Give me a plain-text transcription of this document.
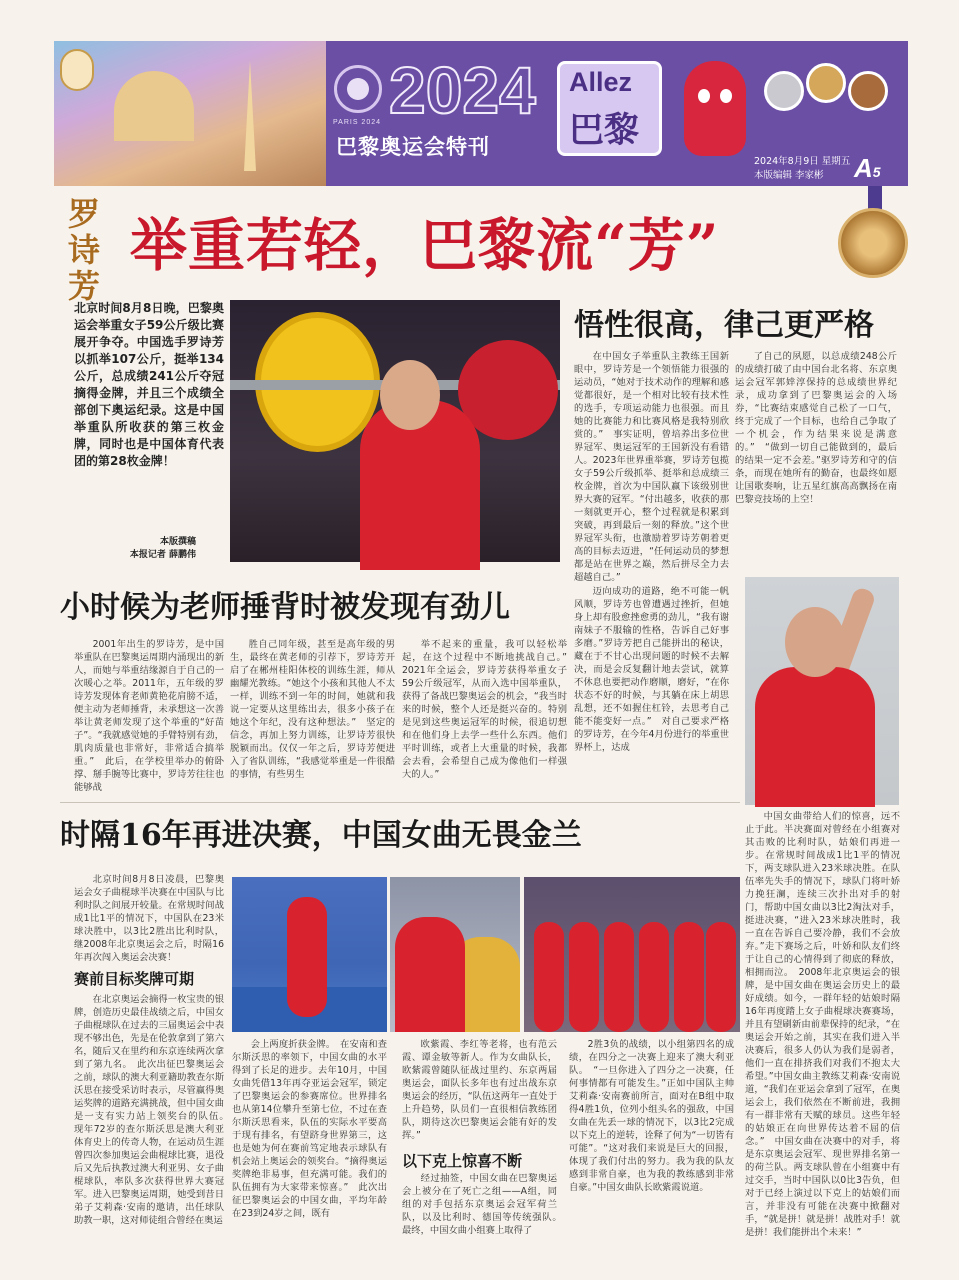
PARIS 2024 2024
巴黎奥运会特刊
Allez
巴黎
2024年8月9日 星期五
本版编辑 李家彬 A5
罗诗芳
举重若轻，巴黎流“芳”
北京时间8月8日晚，巴黎奥运会举重女子59公斤级比赛展开争夺。中国选手罗诗芳以抓举107公斤，挺举134公斤，总成绩241公斤夺冠摘得金牌，并且三个成绩全部创下奥运纪录。这是中国举重队所收获的第三枚金牌，同时也是中国体育代表团的第28枚金牌！
本版撰稿
本报记者 薛鹏伟
悟性很高，律己更严格

在中国女子举重队主教练王国新眼中，罗诗芳是一个领悟能力很强的运动员，“她对于技术动作的理解和感觉都很好，是一个相对比较有技术性的选手，专项运动能力也很强。而且她的比赛能力和比赛风格是我特别欣赏的。”　事实证明，曾培养出多位世界冠军、奥运冠军的王国新没有看错人。2023年世界重举赛，罗诗芳包揽女子59公斤级抓举、挺举和总成绩三枚金牌，首次为中国队赢下该级别世界大赛的冠军。“付出越多，收获的那一刻就更开心，整个过程就是积累到突破，再到最后一刻的释放。”这个世界冠军头衔，也激励着罗诗芳朝着更高的目标去迈进，“任何运动员的梦想都是站在世界之巅，然后拼尽全力去超越自己。”

了自己的夙愿，以总成绩248公斤的成绩打破了由中国台北名将、东京奥运会冠军郭婞淳保持的总成绩世界纪录，成功拿到了巴黎奥运会的入场券，“比赛结束感觉自己松了一口气，终于完成了一个目标，也给自己争取了一个机会，作为结果来说是满意的。”　“做到一切自己能做到的，最后的结果一定不会差。”驱罗诗芳和守的信条，而现在她所有的勤奋，也最终如愿让国歌奏响，让五星红旗高高飘扬在南巴黎竞技场的上空！

迈向成功的道路，绝不可能一帆风顺，罗诗芳也曾遭遇过挫折，但她身上却有股愈挫愈勇的劲儿，“我有谢南妹子不服输的性格，告诉自己好事多磨。”罗诗芳把自己能拼出的秘诀，藏在于不甘心出现问题的时候不去解决，而是会反复翻计地去尝试，就算不休息也要把动作磨顺，磨好，“在你状态不好的时候，与其躺在床上胡思乱想，还不如握住杠铃，去思考自己能不能变好一点。”　对自己要求严格的罗诗芳，在今年4月份进行的举重世界杯上，达成

小时候为老师捶背时被发现有劲儿

2001年出生的罗诗芳，是中国举重队在巴黎奥运周期内涌现出的新人，而她与举重结缘源自于自己的一次暖心之举。2011年，五年级的罗诗芳发现体育老师黄艳花肩膀不适，便主动为老师捶背，未承想这一次善举让黄老师发现了这个举重的“好苗子”。“我就感觉她的手臂特别有劲，肌肉质量也非常好，非常适合搞举重。”　此后，在学校里举办的俯卧撑、掰手腕等比赛中，罗诗芳往往也能够战

胜自己同年级，甚至是高年级的男生，最终在黄老师的引荐下，罗诗芳开启了在郴州桂阳体校的训练生涯，师从幽耀光教练。“她这个小孩和其他人不太一样，训练不到一年的时间，她就和我说一定要从这里练出去，很多小孩子在她这个年纪，没有这种想法。”　坚定的信念，再加上努力训练，让罗诗芳很快脱颖而出。仅仅一年之后，罗诗芳便进入了省队训练，“我感觉举重是一件很酷的事情，有些男生

举不起来的重量，我可以轻松举起，在这个过程中不断地挑战自己。”　2021年全运会，罗诗芳获得举重女子59公斤级冠军，从而入选中国举重队，获得了备战巴黎奥运会的机会，“我当时来的时候，整个人还是挺兴奋的。特别是见到这些奥运冠军的时候，很追切想和在他们身上去学一些什么东西。他们平时训练，或者上大重量的时候，我都会去看，会希望自己成为像他们一样强大的人。”

时隔16年再进决赛，中国女曲无畏金兰

北京时间8月8日凌晨，巴黎奥运会女子曲棍球半决赛在中国队与比利时队之间展开较量。在常规时间战成1比1平的情况下，中国队在23米球决胜中，以3比2胜出比利时队，继2008年北京奥运会之后，时隔16年再次闯入奥运会决赛！

赛前目标奖牌可期

在北京奥运会摘得一枚宝贵的银牌，创造历史最佳战绩之后，中国女子曲棍球队在过去的三届奥运会中表现不够出色，先是在伦敦拿到了第六名，随后又在里约和东京连续两次拿到了第九名。　此次出征巴黎奥运会之前，球队的澳大利亚籍助教查尔斯沃思在接受采访时表示，尽管赢得奥运奖牌的道路充满挑战，但中国女曲是一支有实力站上领奖台的队伍。　现年72岁的查尔斯沃思是澳大利亚体育史上的传奇人物，在运动员生涯曾四次参加奥运会曲棍球比赛，退役后又先后执教过澳大利亚男、女子曲棍球队，率队多次获得世界大赛冠军。进入巴黎奥运周期，她受到昔日弟子艾莉森·安南的邀请，出任球队助教一职，这对师徒组合曾经在奥运

会上两度折获金牌。　在安南和查尔斯沃思的率领下，中国女曲的水平得到了长足的进步。去年10月，中国女曲凭借13年再夺亚运会冠军，锁定了巴黎奥运会的参赛席位。世界排名也从第14位攀升至第七位，不过在查尔斯沃思看来，队伍的实际水平要高于现有排名，有望跻身世界第三，这也是她为何在赛前笃定地表示球队有机会站上奥运会的领奖台。“摘得奥运奖牌绝非易事，但充满可能。我们的队伍拥有为大家带来惊喜。”　此次出征巴黎奥运会的中国女曲，平均年龄在23到24岁之间，既有

欧紫霞、李红等老将，也有范云霞、谭金敏等新人。作为女曲队长，欧紫霞曾随队征战过里约、东京两届奥运会，面队长多年也有过出战东京奥运会的经历，“队伍这两年一直处于上升趋势，队员们一直很相信教练团队，期待这次巴黎奥运会能有好的发挥。”

以下克上惊喜不断

经过抽签，中国女曲在巴黎奥运会上被分在了死亡之组——A组，同组的对手包括东京奥运会冠军荷兰队，以及比利时、德国等传统强队。　最终，中国女曲小组赛上取得了

2胜3负的战绩，以小组第四名的成绩，在四分之一决赛上迎来了澳大利亚队。　“一旦你进入了四分之一决赛，任何事情都有可能发生。”正如中国队主帅艾莉森·安南赛前所言，面对在B组中取得4胜1负，位列小组头名的强敌，中国女曲在先丢一球的情况下，以3比2完成以下克上的逆转，诠释了何为“一切皆有可能”。“这对我们来说是巨大的回报，体现了我们付出的努力。我为我的队友感到非常自豪，也为我的教练感到非常自豪。”中国女曲队长欧紫霞说道。

中国女曲带给人们的惊喜，远不止于此。半决赛面对曾经在小组赛对其击败的比利时队，姑娘们再进一步。在常规时间战成1比1平的情况下，两支球队进入23米球决胜。在队伍率先失手的情况下，球队门将叶娇力挽狂澜，连续三次扑出对手的射门，帮助中国女曲以3比2淘汰对手，挺进决赛，“进入23米球决胜时，我一直在告诉自己要冷静，我们不会放弃。”走下赛场之后，叶娇和队友们终于让自己的心情得到了彻底的释放，相拥而泣。　2008年北京奥运会的银牌，是中国女曲在奥运会历史上的最好成绩。如今，一群年轻的姑娘时隔16年再度踏上女子曲棍球决赛赛场，并且有望刷新由前辈保持的纪录，“在奥运会开始之前，其实在我们进入半决赛后，很多人仍认为我们是弱者，他们一直在排挤我们对我们不抱太大希望。”中国女曲主教练艾莉森·安南说道，“我们在亚运会拿到了冠军，在奥运会上，我们依然在不断前进，我拥有一群非常有天赋的球员。这些年轻的姑娘正在向世界传达着不屈的信念。”　中国女曲在决赛中的对手，将是东京奥运会冠军、现世界排名第一的荷兰队。两支球队曾在小组赛中有过交手，当时中国队以0比3告负，但对于已经上演过以下克上的姑娘们而言，并非没有可能在决赛中掀翻对手，“就是拼！就是拼！战胜对手！就是拼！我们能拼出个未来！”
